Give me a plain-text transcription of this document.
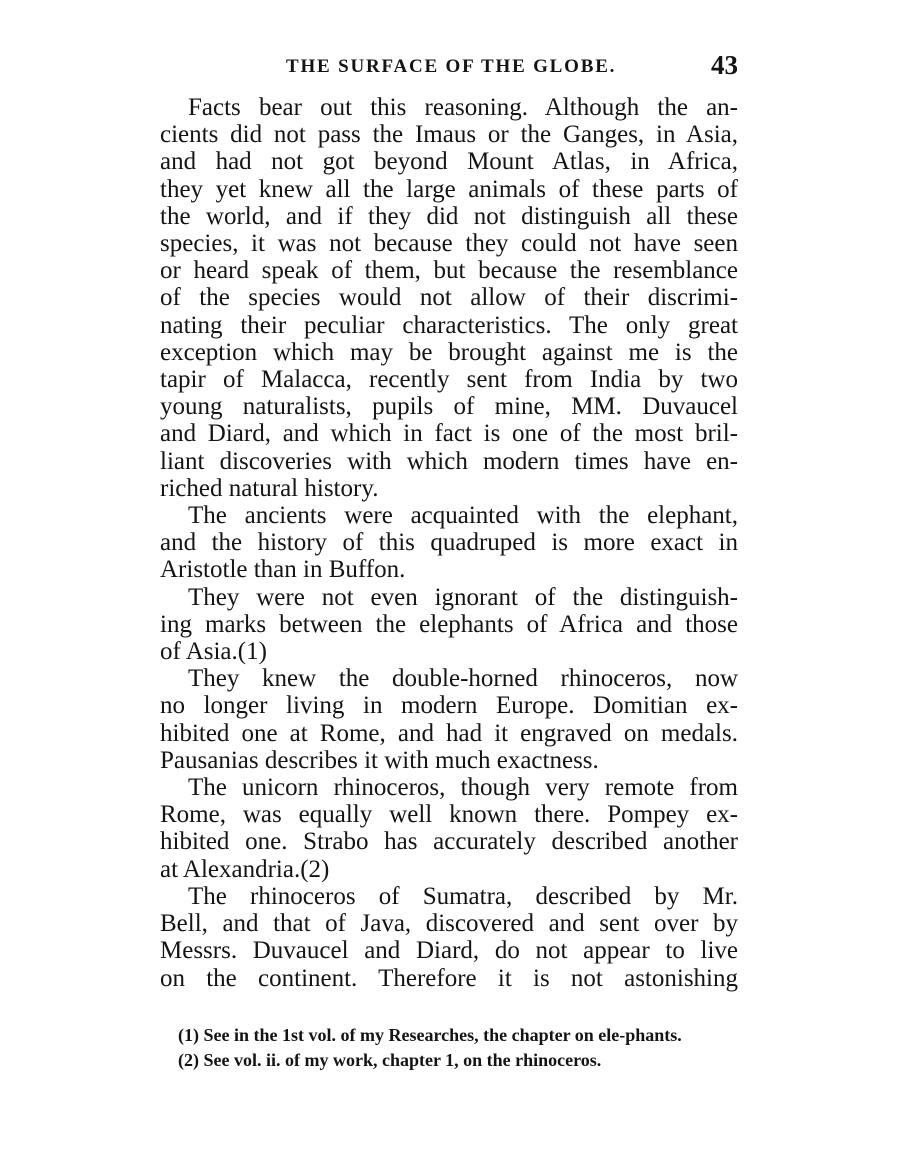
THE SURFACE OF THE GLOBE.	43
Facts bear out this reasoning. Although the an-
cients did not pass the Imaus or the Ganges, in Asia,
and had not got beyond Mount Atlas, in Africa,
they yet knew all the large animals of these parts of
the world, and if they did not distinguish all these
species, it was not because they could not have seen
or heard speak of them, but because the resemblance
of the species would not allow of their discrimi-
nating their peculiar characteristics. The only great
exception which may be brought against me is the
tapir of Malacca, recently sent from India by two
young naturalists, pupils of mine, MM. Duvaucel
and Diard, and which in fact is one of the most bril-
liant discoveries with which modern times have en-
riched natural history.
The ancients were acquainted with the elephant,
and the history of this quadruped is more exact in
Aristotle than in Buffon.
They were not even ignorant of the distinguish-
ing marks between the elephants of Africa and those
of Asia.(1)
They knew the double-horned rhinoceros, now
no longer living in modern Europe. Domitian ex-
hibited one at Rome, and had it engraved on medals.
Pausanias describes it with much exactness.
The unicorn rhinoceros, though very remote from
Rome, was equally well known there. Pompey ex-
hibited one. Strabo has accurately described another
at Alexandria.(2)
The rhinoceros of Sumatra, described by Mr.
Bell, and that of Java, discovered and sent over by
Messrs. Duvaucel and Diard, do not appear to live
on the continent. Therefore it is not astonishing
(1) See in the 1st vol. of my Researches, the chapter on ele-phants.
(2) See vol. ii. of my work, chapter 1, on the rhinoceros.
